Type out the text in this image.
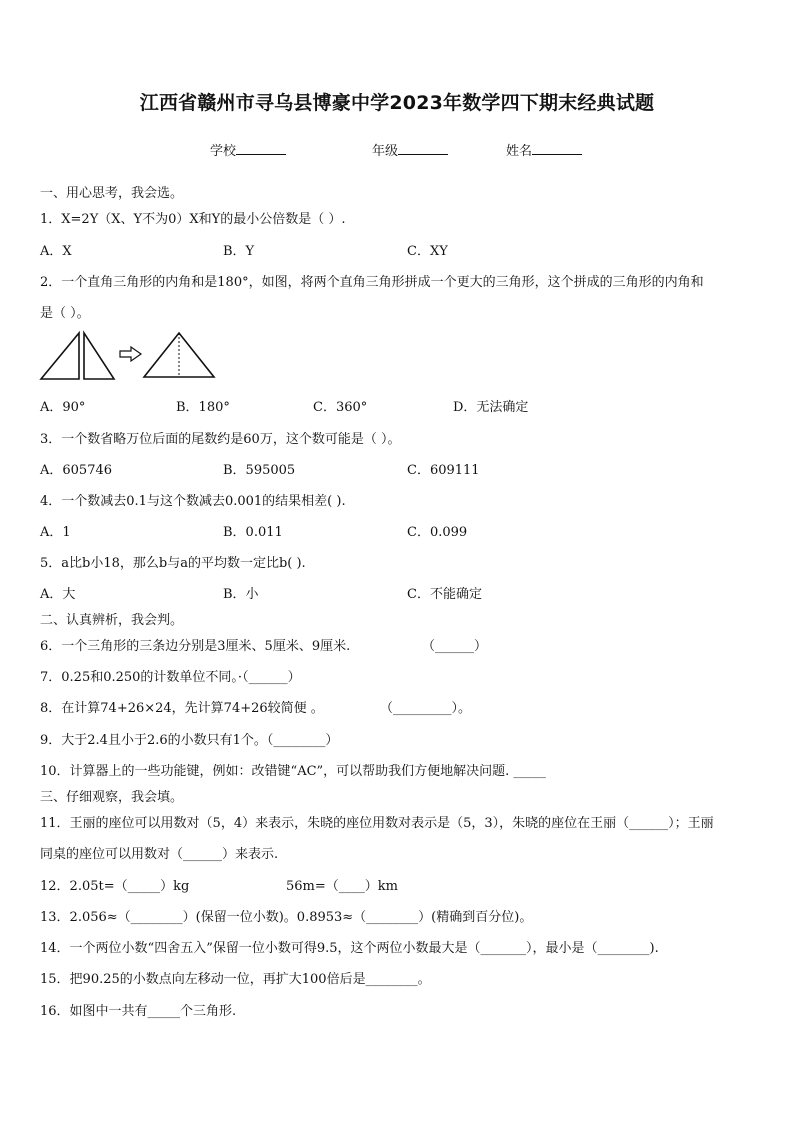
江西省赣州市寻乌县博豪中学2023年数学四下期末经典试题
学校	年级	姓名
一、用心思考，我会选。
1．X=2Y（X、Y不为0）X和Y的最小公倍数是（ ）.
A．X	B．Y	C．XY
2．一个直角三角形的内角和是180°，如图，将两个直角三角形拼成一个更大的三角形，这个拼成的三角形的内角和
是（ ）。
A．90°	B．180°	C．360°	D．无法确定
3．一个数省略万位后面的尾数约是60万，这个数可能是（ ）。
A．605746	B．595005	C．609111
4．一个数减去0.1与这个数减去0.001的结果相差( ).
A．1	B．0.011	C．0.099
5．a比b小18，那么b与a的平均数一定比b( ).
A．大	B．小	C．不能确定
二、认真辨析，我会判。
6．一个三角形的三条边分别是3厘米、5厘米、9厘米.	（______）
7．0.25和0.250的计数单位不同。·（______）
8．在计算74+26×24，先计算74+26较简便 。	（_________）。
9．大于2.4且小于2.6的小数只有1个。（________）
10．计算器上的一些功能键，例如：改错键“AC”，可以帮助我们方便地解决问题. _____
三、仔细观察，我会填。
11．王丽的座位可以用数对（5，4）来表示，朱晓的座位用数对表示是（5，3），朱晓的座位在王丽（______）；王丽
同桌的座位可以用数对（______）来表示.
12．2.05t=（_____）kg	56m=（____）km
13．2.056≈（________）(保留一位小数)。0.8953≈（________）(精确到百分位)。
14．一个两位小数“四舍五入”保留一位小数可得9.5，这个两位小数最大是（_______），最小是（________).
15．把90.25的小数点向左移动一位，再扩大100倍后是________。
16．如图中一共有_____个三角形.
